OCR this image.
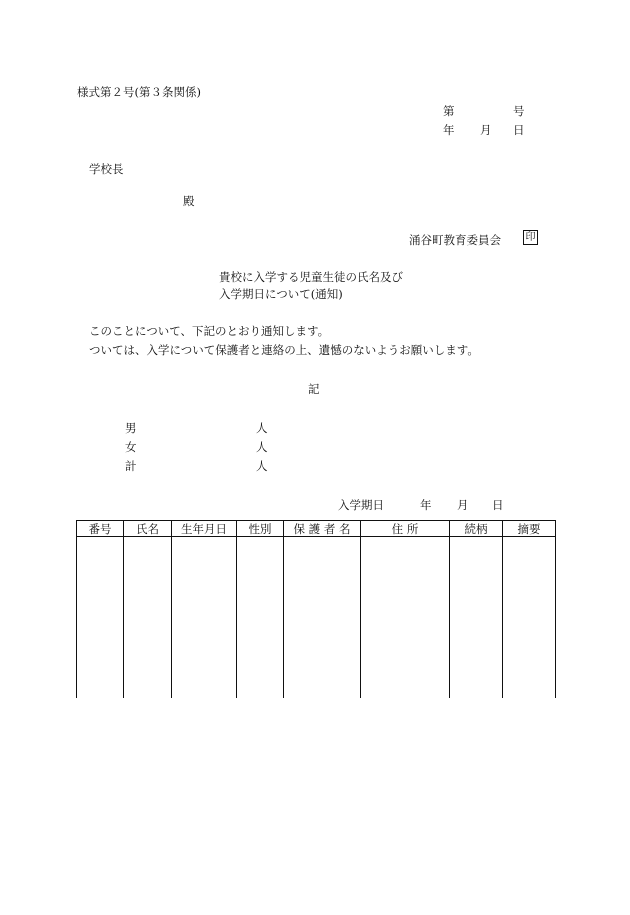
様式第２号(第３条関係)
第	号
年 月 日
学校長
殿
涌谷町教育委員会 印
貴校に入学する児童生徒の氏名及び
入学期日について(通知)
このことについて、下記のとおり通知します。
ついては、入学について保護者と連絡の上、遺憾のないようお願いします。
記
男	人
女	人
計	人
入学期日	年 月 日
番号	氏名	生年月日	性別	保 護 者 名	住 所	続柄	摘要
